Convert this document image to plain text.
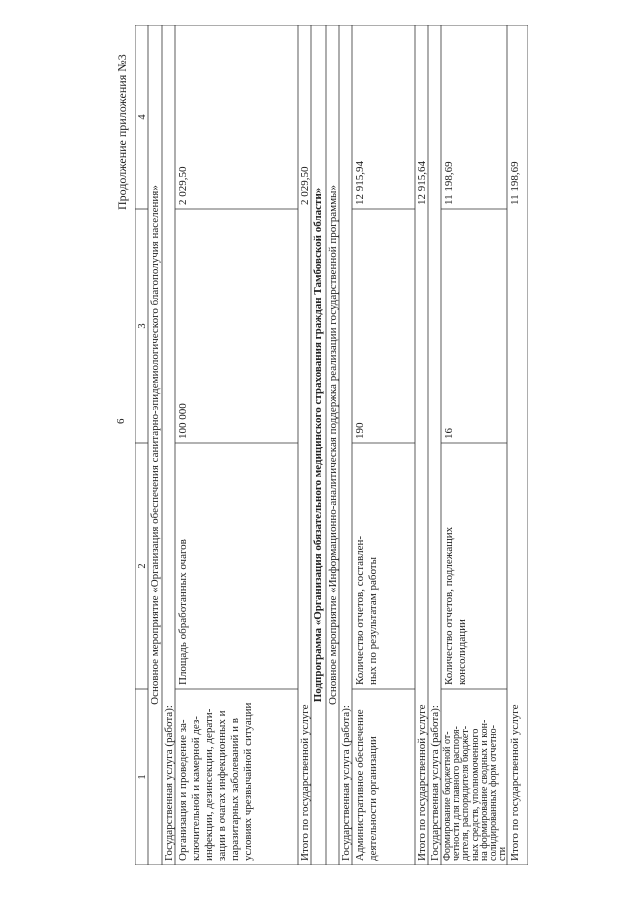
6
Продолжение приложения №3
1
2
3
4
Основное мероприятие «Организация обеспечения санитарно-эпидемиологического благополучия населения»
Государственная услуга (работа): Организация и проведение за- ключительной и камерной дез- инфекции, дезинсекции, дерати- зации в очагах инфекционных и паразитарных заболеваний и в условиях чрезвычайной ситуации
Площадь обработанных очагов
100 000
2 029,50
Итого по государственной услуге
2 029,50
Подпрограмма «Организация обязательного медицинского страхования граждан Тамбовской области» Основное мероприятие «Информационно-аналитическая поддержка реализации государственной программы»
Государственная услуга (работа): Административное обеспечение деятельности организации
Количество отчетов, составлен- ных по результатам работы
190
12 915,94
Итого по государственной услуге
12 915,64
Государственная услуга (работа): Формирование бюджетной от-
четности для главного распоря-
дителя, распорядителя бюджет-
ных средств, уполномоченного
на формирование сводных и кон-
солидированных форм отчетно-
сти
Количество отчетов, подлежащих консолидации
16
11 198,69
Итого по государственной услуге
11 198,69
